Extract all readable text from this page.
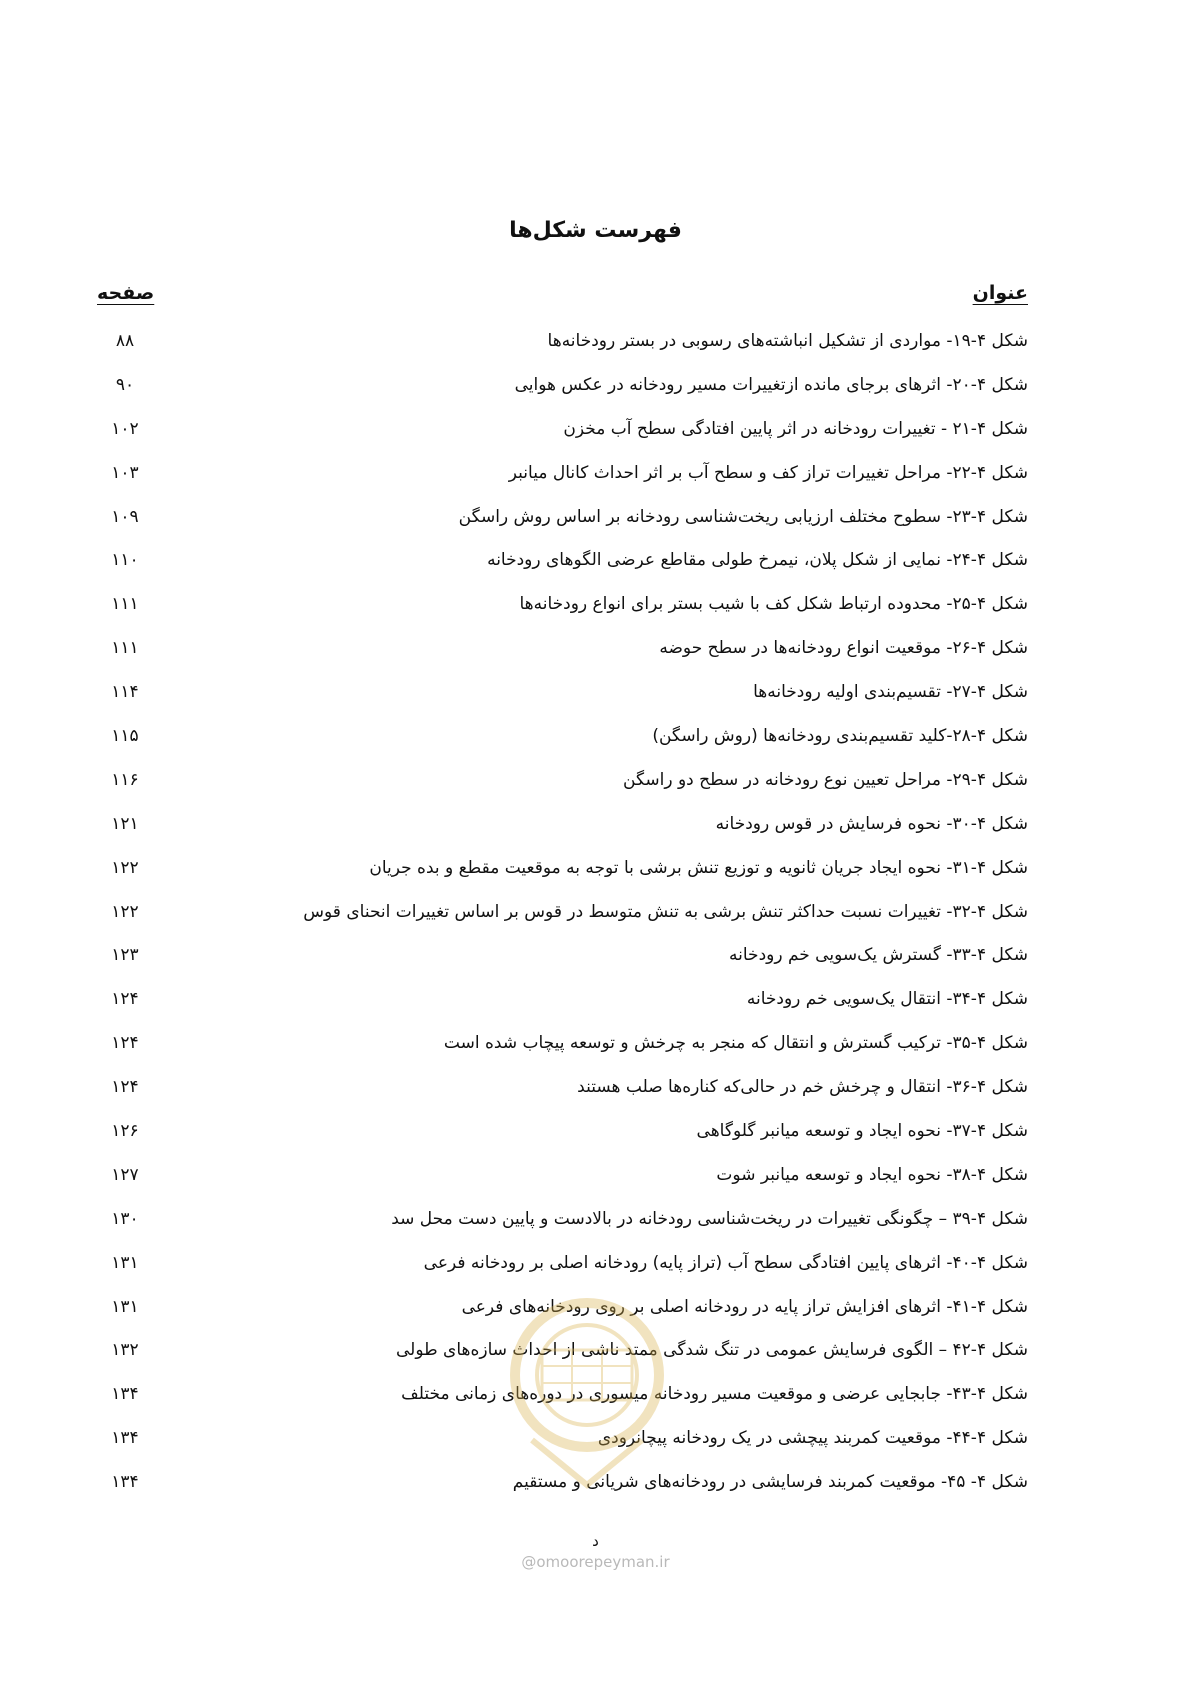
فهرست شکل‌ها
عنوان
صفحه
شکل ۴-۱۹- مواردی از تشکیل انباشته‌های رسوبی در بستر رودخانه‌ها
۸۸
شکل ۴-۲۰- اثرهای برجای مانده ازتغییرات مسیر رودخانه در عکس هوایی
۹۰
شکل ۴-۲۱ - تغییرات رودخانه در اثر پایین افتادگی سطح آب مخزن
۱۰۲
شکل ۴-۲۲- مراحل تغییرات تراز کف و سطح آب بر اثر احداث کانال میانبر
۱۰۳
شکل ۴-۲۳- سطوح مختلف ارزیابی ریخت‌شناسی رودخانه بر اساس روش راسگن
۱۰۹
شکل ۴-۲۴- نمایی از شکل پلان، نیمرخ طولی مقاطع عرضی الگوهای رودخانه
۱۱۰
شکل ۴-۲۵- محدوده ارتباط شکل کف با شیب بستر برای انواع رودخانه‌ها
۱۱۱
شکل ۴-۲۶- موقعیت انواع رودخانه‌ها در سطح حوضه
۱۱۱
شکل ۴-۲۷- تقسیم‌بندی اولیه رودخانه‌ها
۱۱۴
شکل ۴-۲۸-کلید تقسیم‌بندی رودخانه‌ها (روش راسگن)
۱۱۵
شکل ۴-۲۹- مراحل تعیین نوع رودخانه در سطح دو راسگن
۱۱۶
شکل ۴-۳۰- نحوه فرسایش در قوس رودخانه
۱۲۱
شکل ۴-۳۱- نحوه ایجاد جریان ثانویه و توزیع تنش برشی با توجه به موقعیت مقطع و بده جریان
۱۲۲
شکل ۴-۳۲- تغییرات نسبت حداکثر تنش برشی به تنش متوسط در قوس بر اساس تغییرات انحنای قوس
۱۲۲
شکل ۴-۳۳- گسترش یک‌سویی خم رودخانه
۱۲۳
شکل ۴-۳۴- انتقال یک‌سویی خم رودخانه
۱۲۴
شکل ۴-۳۵- ترکیب گسترش و انتقال که منجر به چرخش و توسعه پیچاب شده است
۱۲۴
شکل ۴-۳۶- انتقال و چرخش خم در حالی‌که کناره‌ها صلب هستند
۱۲۴
شکل ۴-۳۷- نحوه ایجاد و توسعه میانبر گلوگاهی
۱۲۶
شکل ۴-۳۸- نحوه ایجاد و توسعه میانبر شوت
۱۲۷
شکل ۴-۳۹ – چگونگی تغییرات در ریخت‌شناسی رودخانه در بالادست و پایین دست محل سد
۱۳۰
شکل ۴-۴۰- اثرهای پایین افتادگی سطح آب (تراز پایه) رودخانه اصلی بر رودخانه فرعی
۱۳۱
شکل ۴-۴۱- اثرهای افزایش تراز پایه در رودخانه اصلی بر روی رودخانه‌های فرعی
۱۳۱
شکل ۴-۴۲ – الگوی فرسایش عمومی در تنگ شدگی ممتد ناشی از احداث سازه‌های طولی
۱۳۲
شکل ۴-۴۳- جابجایی عرضی و موقعیت مسیر رودخانه میسوری در دوره‌های زمانی مختلف
۱۳۴
شکل ۴-۴۴- موقعیت کمربند پیچشی در یک رودخانه پیچانرودی
۱۳۴
شکل ۴- ۴۵- موقعیت کمربند فرسایشی در رودخانه‌های شریانی و مستقیم
۱۳۴
د
@omoorepeyman.ir
